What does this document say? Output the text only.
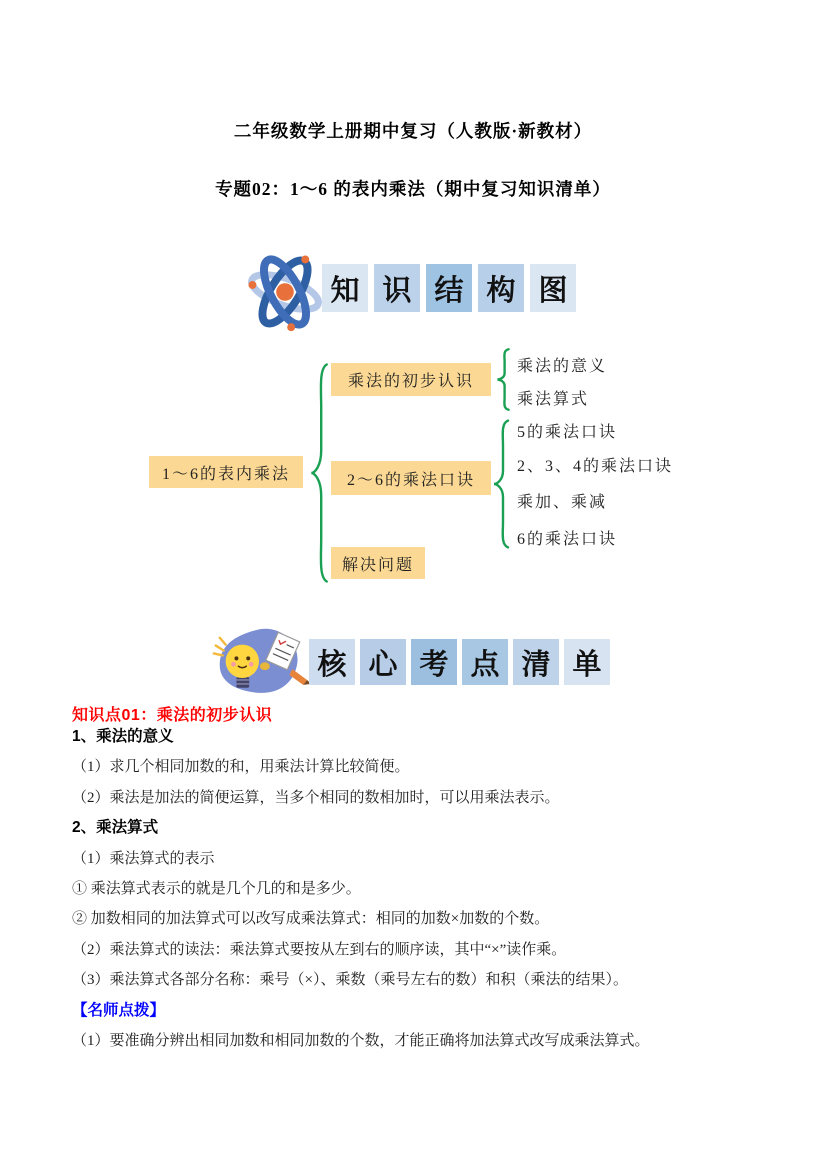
二年级数学上册期中复习（人教版·新教材）
专题02：1～6 的表内乘法（期中复习知识清单）
知 识 结 构 图
1～6的表内乘法
乘法的初步认识
2～6的乘法口诀
解决问题
乘法的意义
乘法算式
5的乘法口诀
2、3、4的乘法口诀
乘加、乘减
6的乘法口诀
核 心 考 点 清 单
知识点01：乘法的初步认识

1、乘法的意义

（1）求几个相同加数的和，用乘法计算比较简便。

（2）乘法是加法的简便运算，当多个相同的数相加时，可以用乘法表示。

2、乘法算式

（1）乘法算式的表示

① 乘法算式表示的就是几个几的和是多少。

② 加数相同的加法算式可以改写成乘法算式：相同的加数×加数的个数。

（2）乘法算式的读法：乘法算式要按从左到右的顺序读，其中“×”读作乘。

（3）乘法算式各部分名称：乘号（×）、乘数（乘号左右的数）和积（乘法的结果）。

【名师点拨】

（1）要准确分辨出相同加数和相同加数的个数，才能正确将加法算式改写成乘法算式。
